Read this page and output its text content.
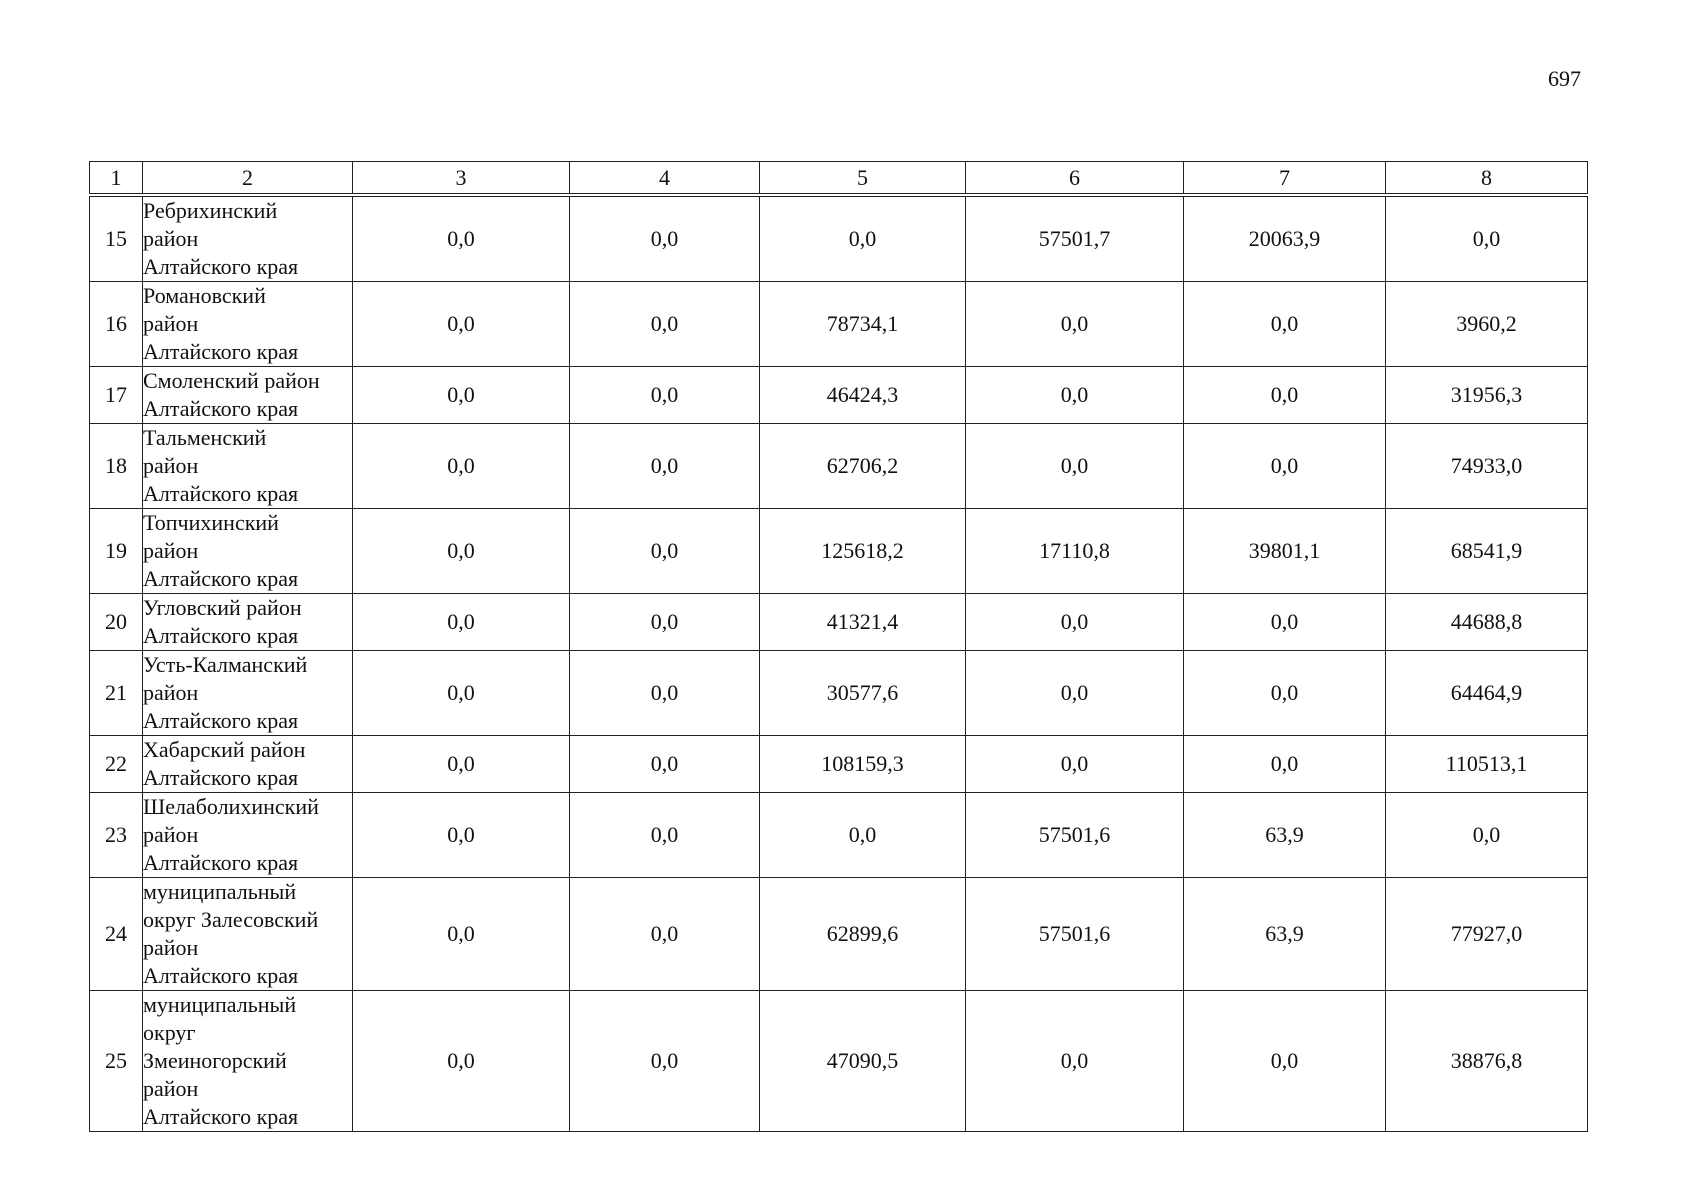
697
1	2	3	4	5	6	7	8
15	Ребрихинский
район
Алтайского края	0,0	0,0	0,0	57501,7	20063,9	0,0
16	Романовский
район
Алтайского края	0,0	0,0	78734,1	0,0	0,0	3960,2
17	Смоленский район
Алтайского края	0,0	0,0	46424,3	0,0	0,0	31956,3
18	Тальменский
район
Алтайского края	0,0	0,0	62706,2	0,0	0,0	74933,0
19	Топчихинский
район
Алтайского края	0,0	0,0	125618,2	17110,8	39801,1	68541,9
20	Угловский район
Алтайского края	0,0	0,0	41321,4	0,0	0,0	44688,8
21	Усть-Калманский
район
Алтайского края	0,0	0,0	30577,6	0,0	0,0	64464,9
22	Хабарский район
Алтайского края	0,0	0,0	108159,3	0,0	0,0	110513,1
23	Шелаболихинский
район
Алтайского края	0,0	0,0	0,0	57501,6	63,9	0,0
24	муниципальный
округ Залесовский
район
Алтайского края	0,0	0,0	62899,6	57501,6	63,9	77927,0
25	муниципальный
округ
Змеиногорский
район
Алтайского края	0,0	0,0	47090,5	0,0	0,0	38876,8
